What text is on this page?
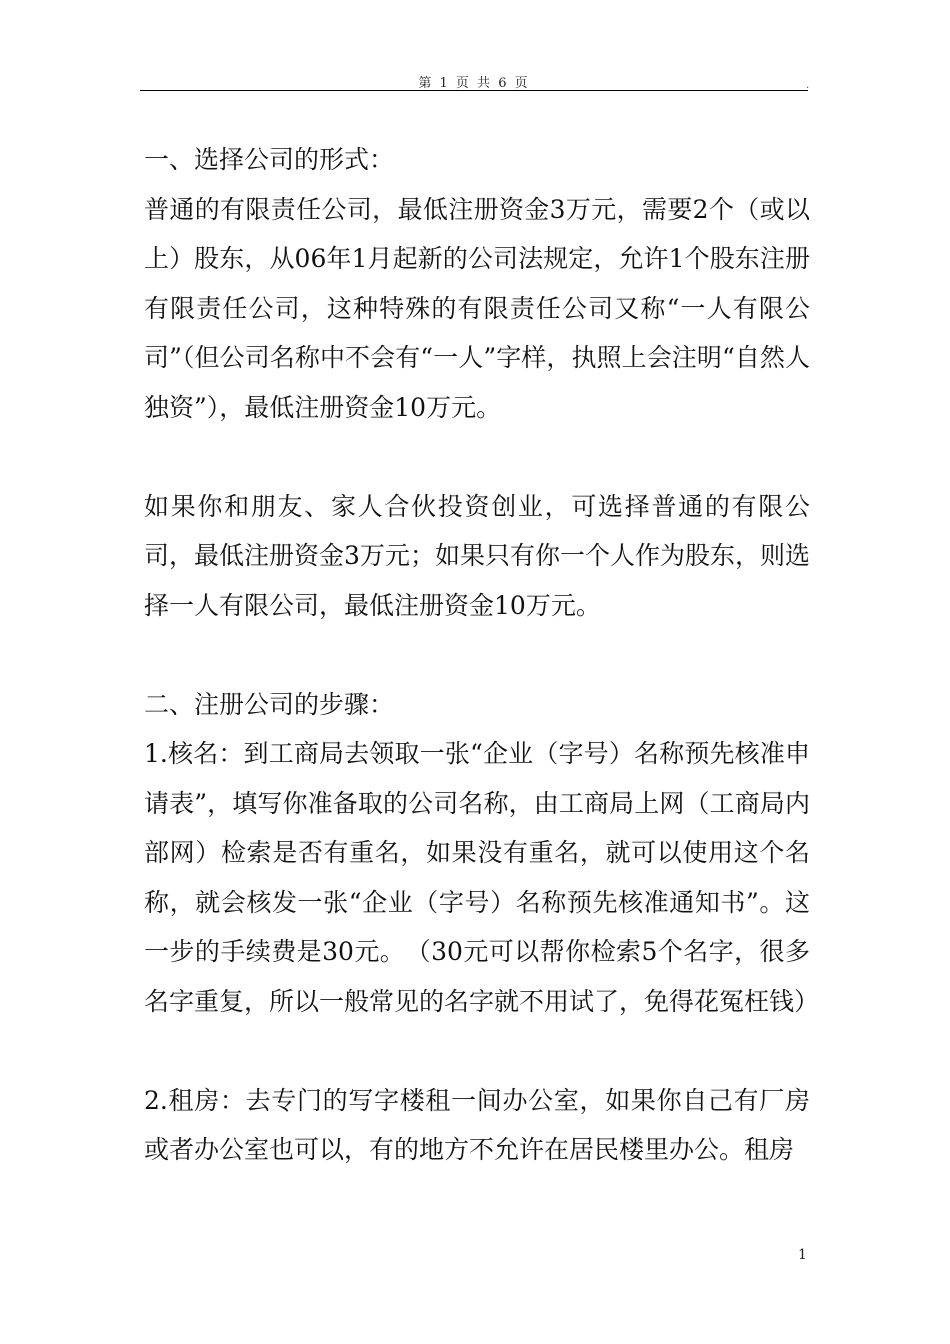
第 1 页 共 6 页	.

一、选择公司的形式：

普通的有限责任公司，最低注册资金3万元，需要2个（或以上）股东，从06年1月起新的公司法规定，允许1个股东注册有限责任公司，这种特殊的有限责任公司又称“一人有限公司”（但公司名称中不会有“一人”字样，执照上会注明“自然人独资”），最低注册资金10万元。

如果你和朋友、家人合伙投资创业，可选择普通的有限公司，最低注册资金3万元；如果只有你一个人作为股东，则选择一人有限公司，最低注册资金10万元。

二、注册公司的步骤：

1.核名：到工商局去领取一张“企业（字号）名称预先核准申请表”，填写你准备取的公司名称，由工商局上网（工商局内部网）检索是否有重名，如果没有重名，就可以使用这个名称，就会核发一张“企业（字号）名称预先核准通知书”。这一步的手续费是30元。　（30元可以帮你检索5个名字，很多名字重复，所以一般常见的名字就不用试了，免得花冤枉钱）

2.租房：去专门的写字楼租一间办公室，如果你自己有厂房或者办公室也可以，有的地方不允许在居民楼里办公。租房

1
